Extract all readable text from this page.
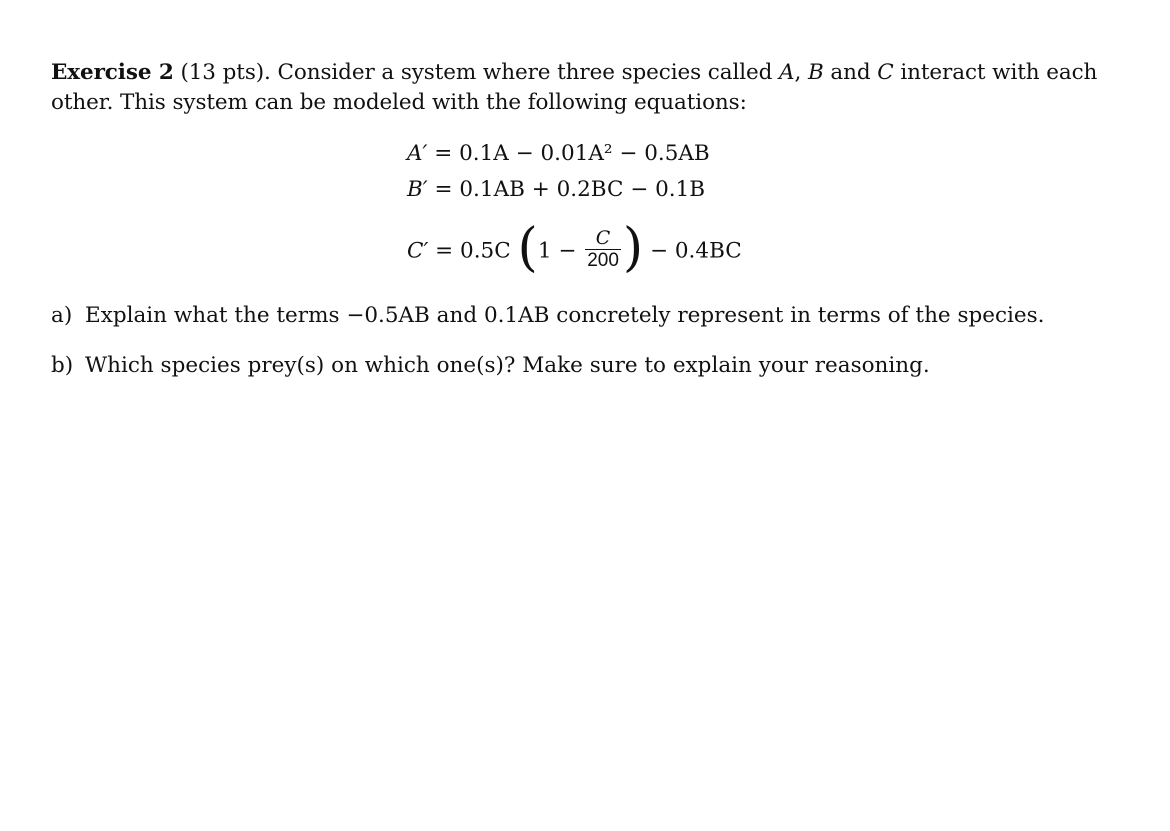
Exercise 2 (13 pts). Consider a system where three species called A, B and C interact with each other. This system can be modeled with the following equations:
A′ = 0.1A − 0.01A² − 0.5AB
B′ = 0.1AB + 0.2BC − 0.1B
C′ = 0.5C ($1 - \frac{C}{200}$ ) − 0.4BC
a) Explain what the terms −0.5AB and 0.1AB concretely represent in terms of the species.
b) Which species prey(s) on which one(s)? Make sure to explain your reasoning.
